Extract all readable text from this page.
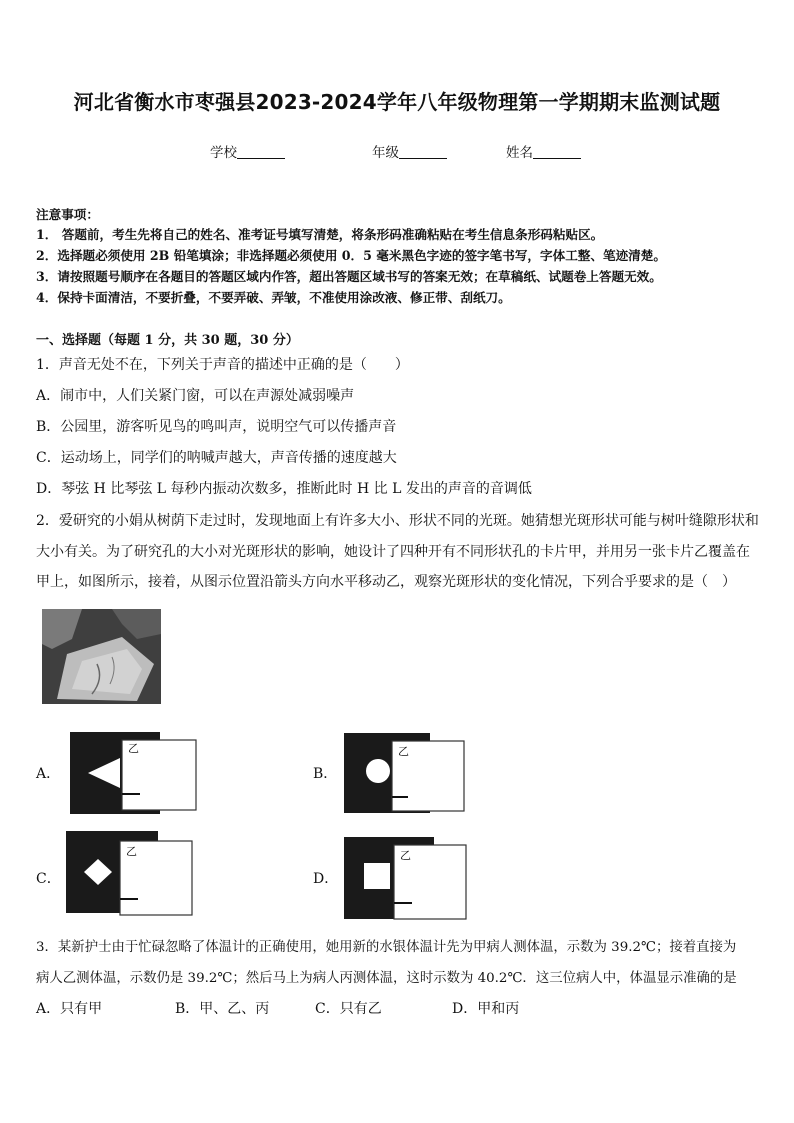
河北省衡水市枣强县2023-2024学年八年级物理第一学期期末监测试题
学校	年级	姓名
注意事项：
1． 答题前，考生先将自己的姓名、准考证号填写清楚，将条形码准确粘贴在考生信息条形码粘贴区。
2．选择题必须使用 2B 铅笔填涂；非选择题必须使用 0．5 毫米黑色字迹的签字笔书写，字体工整、笔迹清楚。
3．请按照题号顺序在各题目的答题区域内作答，超出答题区域书写的答案无效；在草稿纸、试题卷上答题无效。
4．保持卡面清洁，不要折叠，不要弄破、弄皱，不准使用涂改液、修正带、刮纸刀。
一、选择题（每题 1 分，共 30 题，30 分）
1．声音无处不在，下列关于声音的描述中正确的是（　　）
A．闹市中，人们关紧门窗，可以在声源处减弱噪声
B．公园里，游客听见鸟的鸣叫声，说明空气可以传播声音
C．运动场上，同学们的呐喊声越大，声音传播的速度越大
D．琴弦 H 比琴弦 L 每秒内振动次数多，推断此时 H 比 L 发出的声音的音调低
2．爱研究的小娟从树荫下走过时，发现地面上有许多大小、形状不同的光斑。她猜想光斑形状可能与树叶缝隙形状和
大小有关。为了研究孔的大小对光斑形状的影响，她设计了四种开有不同形状孔的卡片甲，并用另一张卡片乙覆盖在
甲上，如图所示，接着，从图示位置沿箭头方向水平移动乙，观察光斑形状的变化情况，下列合乎要求的是（　）
A．
乙
B．
乙
C．
乙
D．
乙
3．某新护士由于忙碌忽略了体温计的正确使用，她用新的水银体温计先为甲病人测体温，示数为 39.2℃；接着直接为
病人乙测体温，示数仍是 39.2℃；然后马上为病人丙测体温，这时示数为 40.2℃．这三位病人中，体温显示准确的是
A．只有甲	B．甲、乙、丙	C．只有乙	D．甲和丙
